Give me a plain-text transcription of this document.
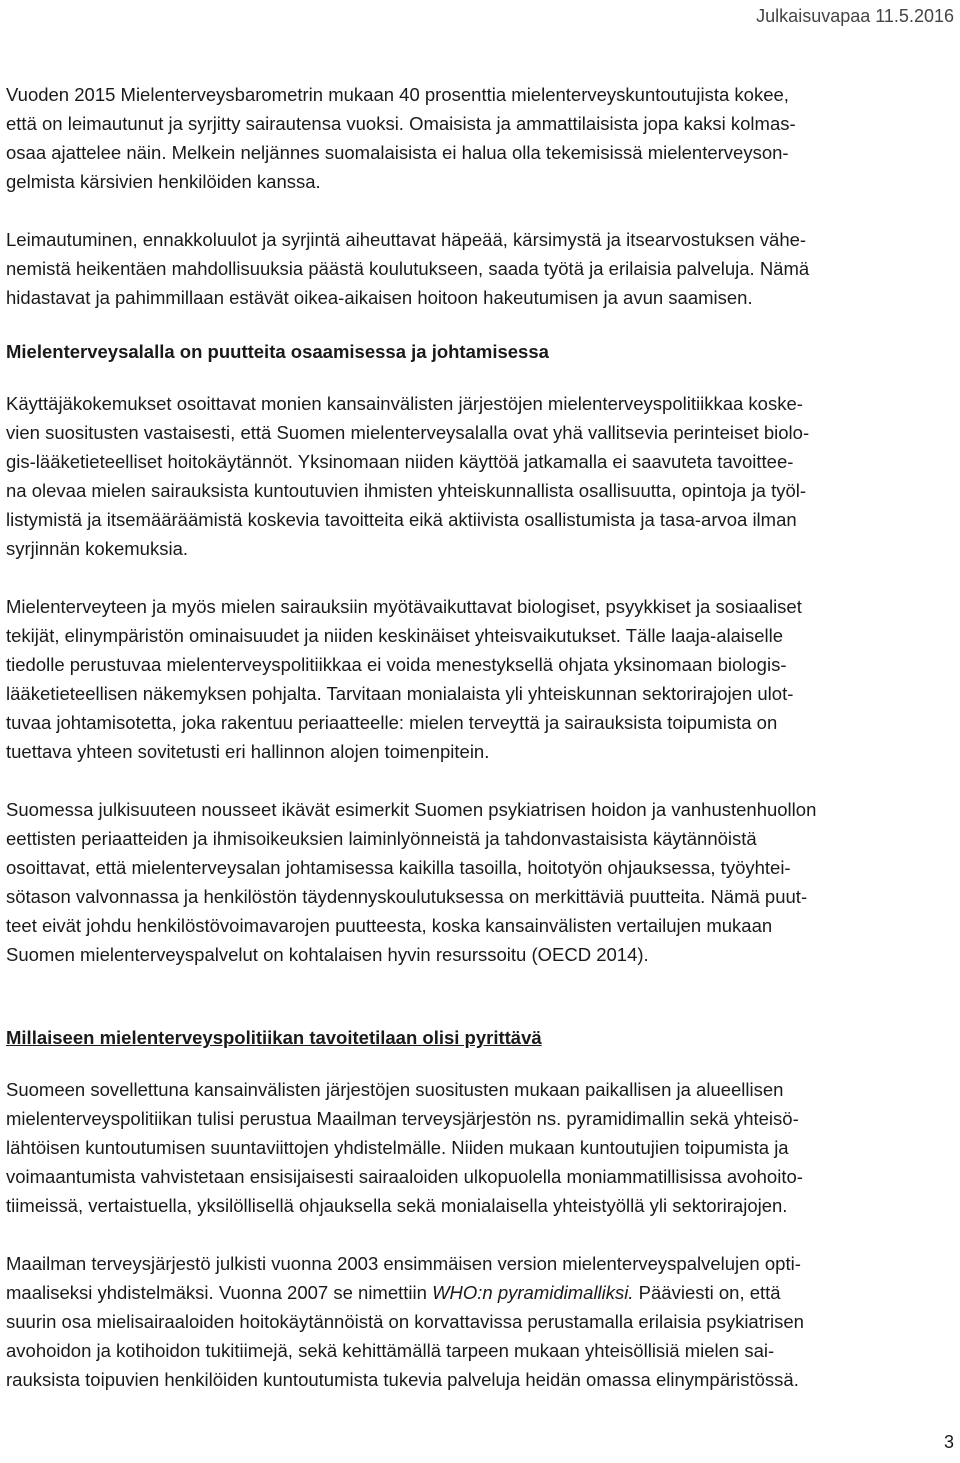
Julkaisuvapaa 11.5.2016

Vuoden 2015 Mielenterveysbarometrin mukaan 40 prosenttia mielenterveyskuntoutujista kokee,
että on leimautunut ja syrjitty sairautensa vuoksi. Omaisista ja ammattilaisista jopa kaksi kolmas-
osaa ajattelee näin. Melkein neljännes suomalaisista ei halua olla tekemisissä mielenterveyson-
gelmista kärsivien henkilöiden kanssa.

Leimautuminen, ennakkoluulot ja syrjintä aiheuttavat häpeää, kärsimystä ja itsearvostuksen vähe-
nemistä heikentäen mahdollisuuksia päästä koulutukseen, saada työtä ja erilaisia palveluja. Nämä
hidastavat ja pahimmillaan estävät oikea-aikaisen hoitoon hakeutumisen ja avun saamisen.

Mielenterveysalalla on puutteita osaamisessa ja johtamisessa

Käyttäjäkokemukset osoittavat monien kansainvälisten järjestöjen mielenterveyspolitiikkaa koske-
vien suositusten vastaisesti, että Suomen mielenterveysalalla ovat yhä vallitsevia perinteiset biolo-
gis-lääketieteelliset hoitokäytännöt. Yksinomaan niiden käyttöä jatkamalla ei saavuteta tavoittee-
na olevaa mielen sairauksista kuntoutuvien ihmisten yhteiskunnallista osallisuutta, opintoja ja työl-
listymistä ja itsemääräämistä koskevia tavoitteita eikä aktiivista osallistumista ja tasa-arvoa ilman
syrjinnän kokemuksia.

Mielenterveyteen ja myös mielen sairauksiin myötävaikuttavat biologiset, psyykkiset ja sosiaaliset
tekijät, elinympäristön ominaisuudet ja niiden keskinäiset yhteisvaikutukset. Tälle laaja-alaiselle
tiedolle perustuvaa mielenterveyspolitiikkaa ei voida menestyksellä ohjata yksinomaan biologis-
lääketieteellisen näkemyksen pohjalta. Tarvitaan monialaista yli yhteiskunnan sektorirajojen ulot-
tuvaa johtamisotetta, joka rakentuu periaatteelle: mielen terveyttä ja sairauksista toipumista on
tuettava yhteen sovitetusti eri hallinnon alojen toimenpitein.

Suomessa julkisuuteen nousseet ikävät esimerkit Suomen psykiatrisen hoidon ja vanhustenhuollon
eettisten periaatteiden ja ihmisoikeuksien laiminlyönneistä ja tahdonvastaisista käytännöistä
osoittavat, että mielenterveysalan johtamisessa kaikilla tasoilla, hoitotyön ohjauksessa, työyhtei-
sötason valvonnassa ja henkilöstön täydennyskoulutuksessa on merkittäviä puutteita. Nämä puut-
teet eivät johdu henkilöstövoimavarojen puutteesta, koska kansainvälisten vertailujen mukaan
Suomen mielenterveyspalvelut on kohtalaisen hyvin resurssoitu (OECD 2014).

Millaiseen mielenterveyspolitiikan tavoitetilaan olisi pyrittävä

Suomeen sovellettuna kansainvälisten järjestöjen suositusten mukaan paikallisen ja alueellisen
mielenterveyspolitiikan tulisi perustua Maailman terveysjärjestön ns. pyramidimallin sekä yhteisö-
lähtöisen kuntoutumisen suuntaviittojen yhdistelmälle. Niiden mukaan kuntoutujien toipumista ja
voimaantumista vahvistetaan ensisijaisesti sairaaloiden ulkopuolella moniammatillisissa avohoito-
tiimeissä, vertaistuella, yksilöllisellä ohjauksella sekä monialaisella yhteistyöllä yli sektorirajojen.

Maailman terveysjärjestö julkisti vuonna 2003 ensimmäisen version mielenterveyspalvelujen opti-
maaliseksi yhdistelmäksi. Vuonna 2007 se nimettiin WHO:n pyramidimalliksi. Pääviesti on, että
suurin osa mielisairaaloiden hoitokäytännöistä on korvattavissa perustamalla erilaisia psykiatrisen
avohoidon ja kotihoidon tukitiimejä, sekä kehittämällä tarpeen mukaan yhteisöllisiä mielen sai-
rauksista toipuvien henkilöiden kuntoutumista tukevia palveluja heidän omassa elinympäristössä.

3
